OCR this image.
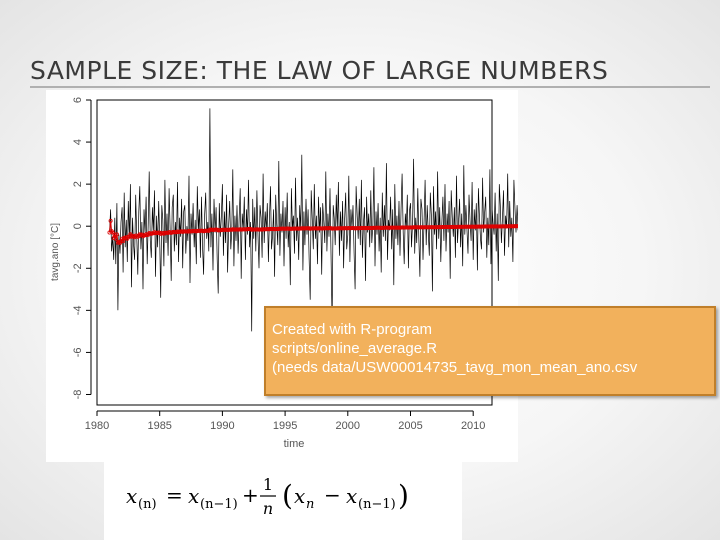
SAMPLE SIZE: THE LAW OF LARGE NUMBERS
1980	1985	1990	1995	2000	2005	2010
-8
-6
-4
-2
0
2
4
6
time
tavg.ano [°C]
Created with R-program
scripts/online_average.R
(needs data/USW00014735_tavg_mon_mean_ano.csv
x (n) = x (n−1) + 1
n ( x n − x (n−1) )
